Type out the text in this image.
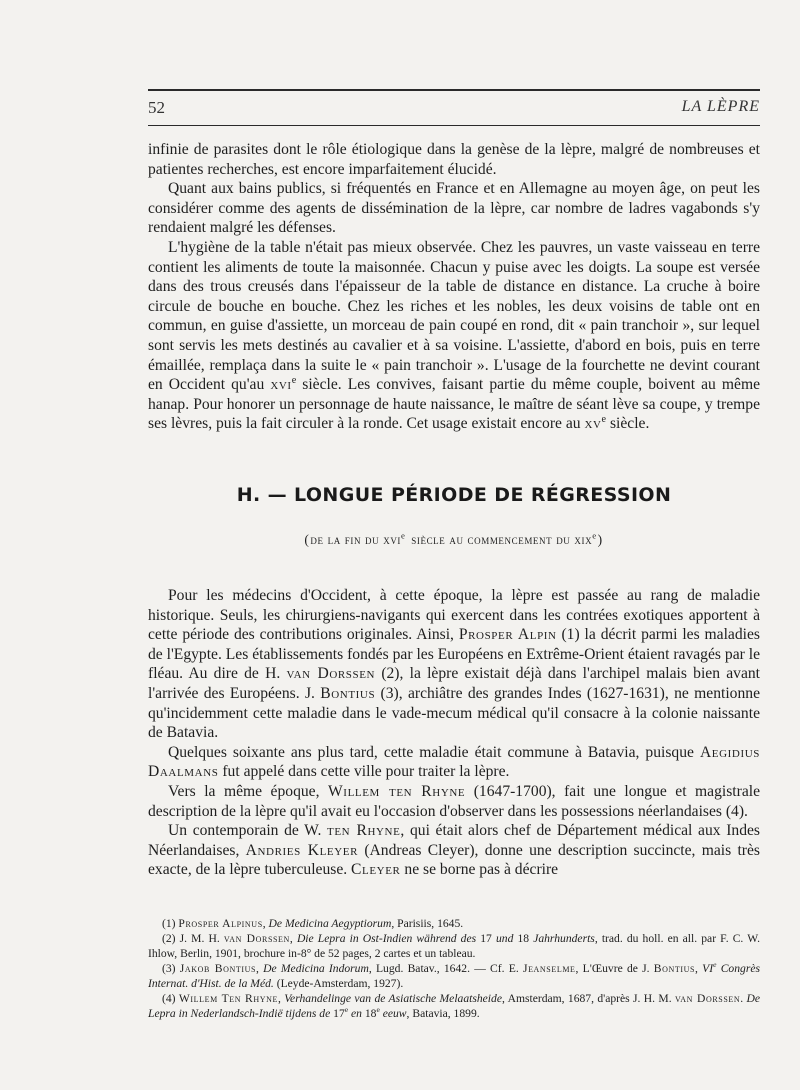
52	LA LÈPRE

infinie de parasites dont le rôle étiologique dans la genèse de la lèpre, malgré de nombreuses et patientes recherches, est encore imparfaitement élucidé.

Quant aux bains publics, si fréquentés en France et en Allemagne au moyen âge, on peut les considérer comme des agents de dissémination de la lèpre, car nombre de ladres vagabonds s'y rendaient malgré les défenses.

L'hygiène de la table n'était pas mieux observée. Chez les pauvres, un vaste vaisseau en terre contient les aliments de toute la maisonnée. Chacun y puise avec les doigts. La soupe est versée dans des trous creusés dans l'épaisseur de la table de distance en distance. La cruche à boire circule de bouche en bouche. Chez les riches et les nobles, les deux voisins de table ont en commun, en guise d'assiette, un morceau de pain coupé en rond, dit « pain tranchoir », sur lequel sont servis les mets destinés au cavalier et à sa voisine. L'assiette, d'abord en bois, puis en terre émaillée, remplaça dans la suite le « pain tranchoir ». L'usage de la fourchette ne devint courant en Occident qu'au xvi$^e$ siècle. Les convives, faisant partie du même couple, boivent au même hanap. Pour honorer un personnage de haute naissance, le maître de séant lève sa coupe, y trempe ses lèvres, puis la fait circuler à la ronde. Cet usage existait encore au $xv^e$ siècle.

H. — LONGUE PÉRIODE DE RÉGRESSION
(de la fin du xvi$^e$ siècle au commencement du xix$^e$)

Pour les médecins d'Occident, à cette époque, la lèpre est passée au rang de maladie historique. Seuls, les chirurgiens-navigants qui exercent dans les contrées exotiques apportent à cette période des contributions originales. Ainsi, Prosper Alpin (1) la décrit parmi les maladies de l'Egypte. Les établissements fondés par les Européens en Extrême-Orient étaient ravagés par le fléau. Au dire de H. van Dorssen (2), la lèpre existait déjà dans l'archipel malais bien avant l'arrivée des Européens. J. Bontius (3), archiâtre des grandes Indes (1627-1631), ne mentionne qu'incidemment cette maladie dans le vade-mecum médical qu'il consacre à la colonie naissante de Batavia.

Quelques soixante ans plus tard, cette maladie était commune à Batavia, puisque Aegidius Daalmans fut appelé dans cette ville pour traiter la lèpre.

Vers la même époque, Willem ten Rhyne (1647-1700), fait une longue et magistrale description de la lèpre qu'il avait eu l'occasion d'observer dans les possessions néerlandaises (4).

Un contemporain de W. ten Rhyne, qui était alors chef de Département médical aux Indes Néerlandaises, Andries Kleyer (Andreas Cleyer), donne une description succincte, mais très exacte, de la lèpre tuberculeuse. Cleyer ne se borne pas à décrire

(1) Prosper Alpinus, De Medicina Aegyptiorum, Parisiis, 1645.

(2) J. M. H. van Dorssen, Die Lepra in Ost-Indien während des 17 und 18 Jahrhunderts, trad. du holl. en all. par F. C. W. Ihlow, Berlin, 1901, brochure in-8° de 52 pages, 2 cartes et un tableau.

(3) Jakob Bontius, De Medicina Indorum, Lugd. Batav., 1642. — Cf. E. Jeanselme, L'Œuvre de J. Bontius, VIe Congrès Internat. d'Hist. de la Méd. (Leyde-Amsterdam, 1927).

(4) Willem Ten Rhyne, Verhandelinge van de Asiatische Melaatsheide, Amsterdam, 1687, d'après J. H. M. van Dorssen. De Lepra in Nederlandsch-Indië tijdens de 17e en 18e eeuw, Batavia, 1899.
